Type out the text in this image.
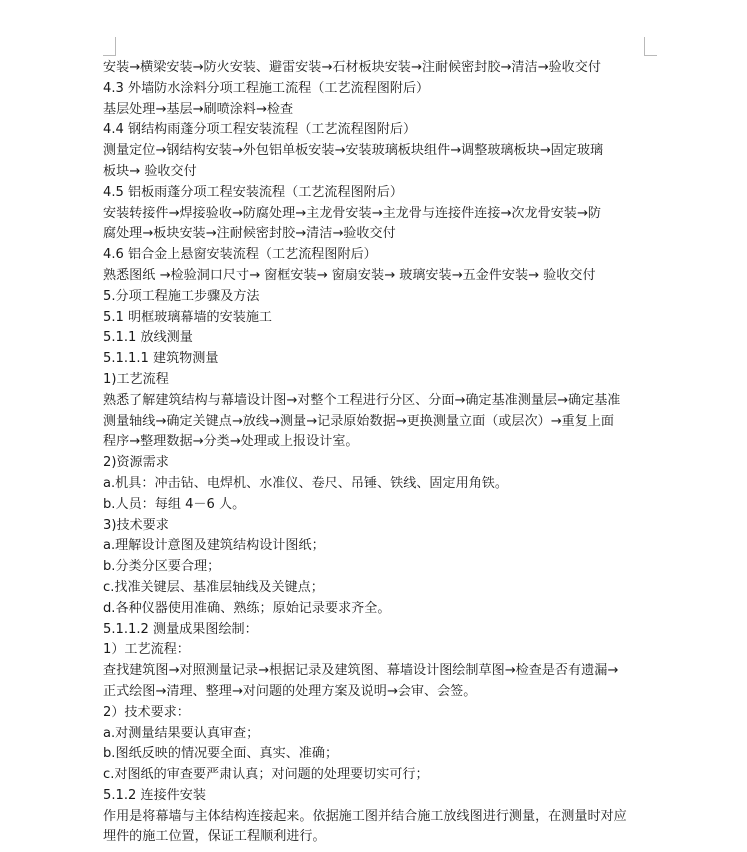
安装→横梁安装→防火安装、避雷安装→石材板块安装→注耐候密封胶→清洁→验收交付
4.3 外墙防水涂料分项工程施工流程（工艺流程图附后）
基层处理→基层→刷喷涂料→检查
4.4 钢结构雨蓬分项工程安装流程（工艺流程图附后）
测量定位→钢结构安装→外包铝单板安装→安装玻璃板块组件→调整玻璃板块→固定玻璃
板块→ 验收交付
4.5 铝板雨蓬分项工程安装流程（工艺流程图附后）
安装转接件→焊接验收→防腐处理→主龙骨安装→主龙骨与连接件连接→次龙骨安装→防
腐处理→板块安装→注耐候密封胶→清洁→验收交付
4.6 铝合金上悬窗安装流程（工艺流程图附后）
熟悉图纸 →检验洞口尺寸→ 窗框安装→ 窗扇安装→ 玻璃安装→五金件安装→ 验收交付
5.分项工程施工步骤及方法
5.1 明框玻璃幕墙的安装施工
5.1.1 放线测量
5.1.1.1 建筑物测量
1)工艺流程
熟悉了解建筑结构与幕墙设计图→对整个工程进行分区、分面→确定基准测量层→确定基准
测量轴线→确定关键点→放线→测量→记录原始数据→更换测量立面（或层次）→重复上面
程序→整理数据→分类→处理或上报设计室。
2)资源需求
a.机具：冲击钻、电焊机、水准仪、卷尺、吊锤、铁线、固定用角铁。
b.人员：每组 4－6 人。
3)技术要求
a.理解设计意图及建筑结构设计图纸；
b.分类分区要合理；
c.找准关键层、基准层轴线及关键点；
d.各种仪器使用准确、熟练；原始记录要求齐全。
5.1.1.2 测量成果图绘制：
1）工艺流程：
查找建筑图→对照测量记录→根据记录及建筑图、幕墙设计图绘制草图→检查是否有遗漏→
正式绘图→清理、整理→对问题的处理方案及说明→会审、会签。
2）技术要求：
a.对测量结果要认真审查；
b.图纸反映的情况要全面、真实、准确；
c.对图纸的审查要严肃认真；对问题的处理要切实可行；
5.1.2 连接件安装
作用是将幕墙与主体结构连接起来。依据施工图并结合施工放线图进行测量，在测量时对应
埋件的施工位置，保证工程顺利进行。
